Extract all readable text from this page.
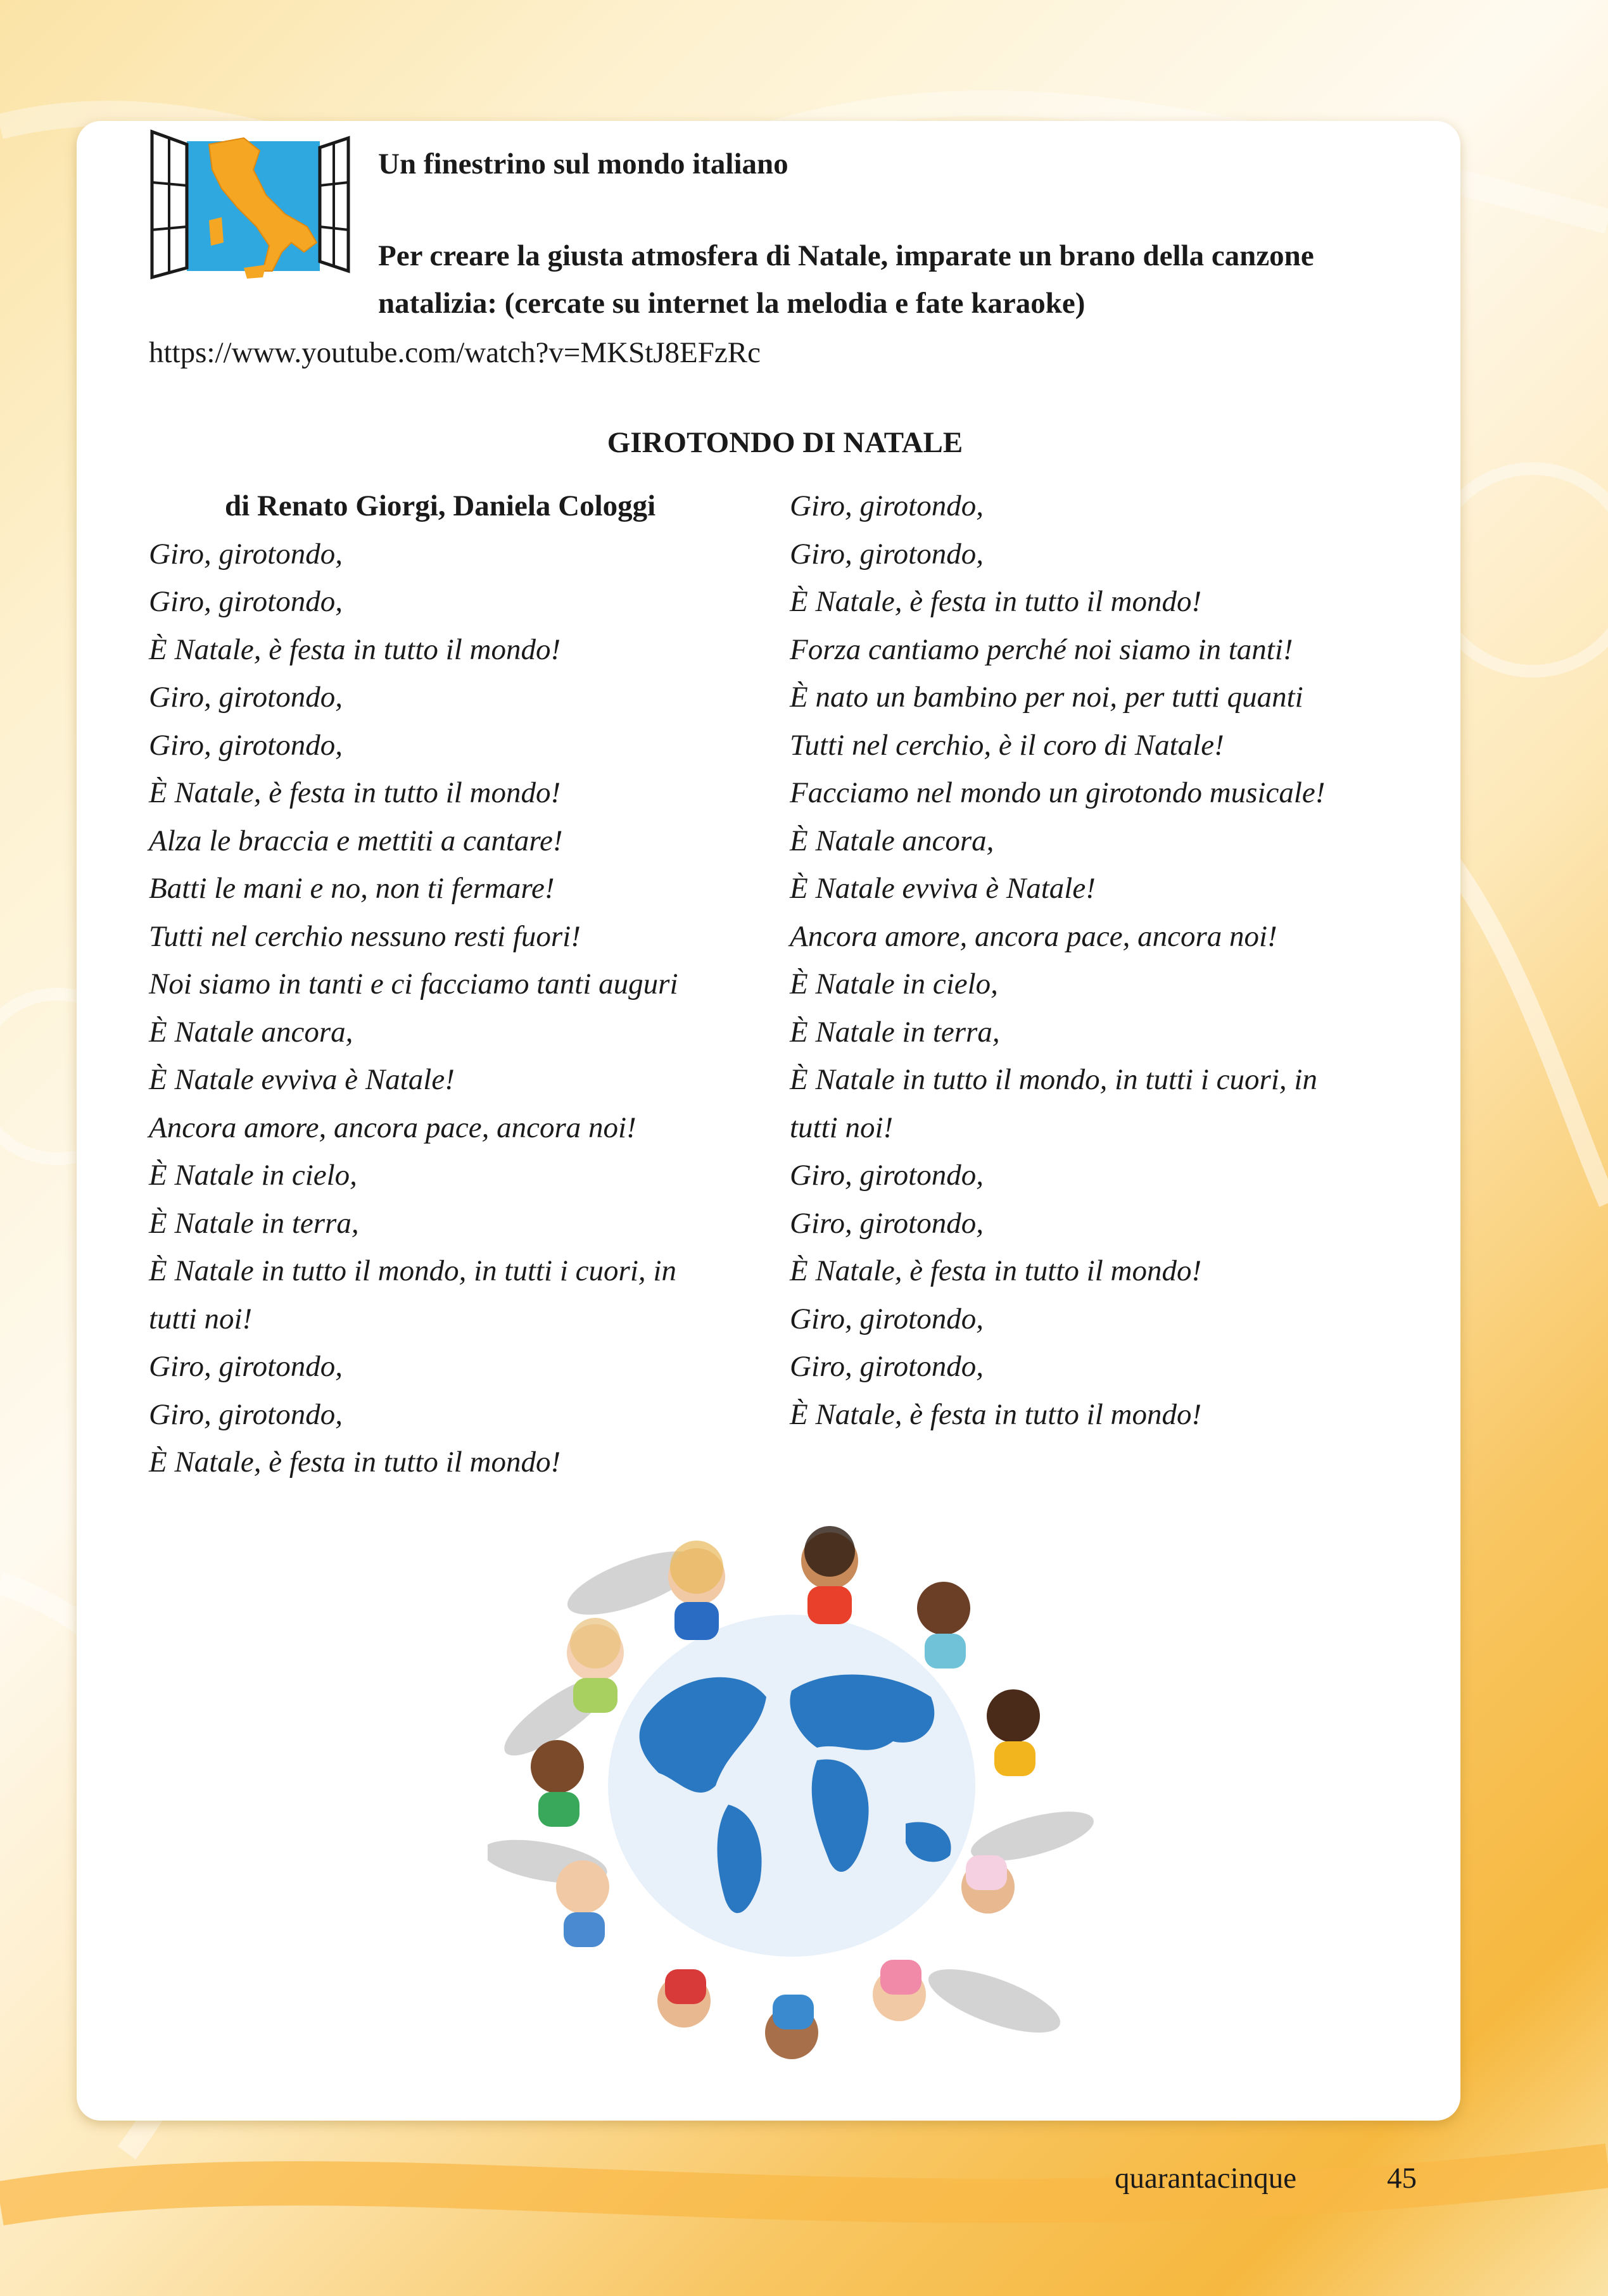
Un finestrino sul mondo italiano

Per creare la giusta atmosfera di Natale, imparate un brano della canzone

natalizia: (cercate su internet la melodia e fate karaoke)

https://www.youtube.com/watch?v=MKStJ8EFzRc
GIROTONDO DI NATALE
di Renato Giorgi, Daniela Cologgi
Giro, girotondo,
Giro, girotondo,
È Natale, è festa in tutto il mondo!
Giro, girotondo,
Giro, girotondo,
È Natale, è festa in tutto il mondo!
Alza le braccia e mettiti a cantare!
Batti le mani e no, non ti fermare!
Tutti nel cerchio nessuno resti fuori!
Noi siamo in tanti e ci facciamo tanti auguri
È Natale ancora,
È Natale evviva è Natale!
Ancora amore, ancora pace, ancora noi!
È Natale in cielo,
È Natale in terra,
È Natale in tutto il mondo, in tutti i cuori, in
tutti noi!
Giro, girotondo,
Giro, girotondo,
È Natale, è festa in tutto il mondo!
Giro, girotondo,
Giro, girotondo,
È Natale, è festa in tutto il mondo!
Forza cantiamo perché noi siamo in tanti!
È nato un bambino per noi, per tutti quanti
Tutti nel cerchio, è il coro di Natale!
Facciamo nel mondo un girotondo musicale!
È Natale ancora,
È Natale evviva è Natale!
Ancora amore, ancora pace, ancora noi!
È Natale in cielo,
È Natale in terra,
È Natale in tutto il mondo, in tutti i cuori, in
tutti noi!
Giro, girotondo,
Giro, girotondo,
È Natale, è festa in tutto il mondo!
Giro, girotondo,
Giro, girotondo,
È Natale, è festa in tutto il mondo!
quarantacinque	45
